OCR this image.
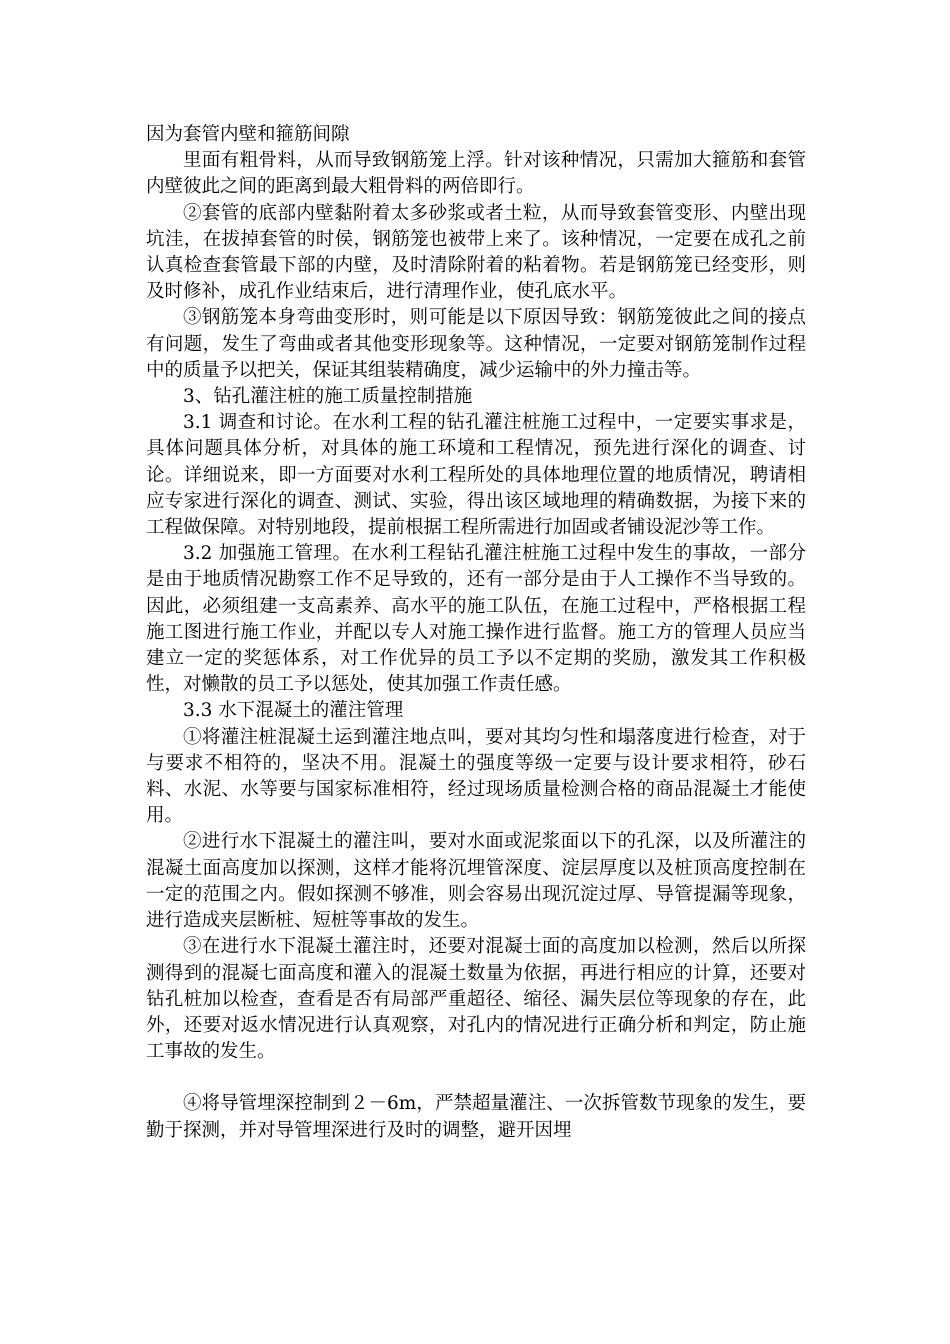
因为套管内壁和箍筋间隙

里面有粗骨料，从而导致钢筋笼上浮。针对该种情况，只需加大箍筋和套管内壁彼此之间的距离到最大粗骨料的两倍即行。

②套管的底部内壁黏附着太多砂浆或者土粒，从而导致套管变形、内壁出现坑洼，在拔掉套管的时侯，钢筋笼也被带上来了。该种情况，一定要在成孔之前认真检查套管最下部的内壁，及时清除附着的粘着物。若是钢筋笼已经变形，则及时修补，成孔作业结束后，进行清理作业，使孔底水平。

③钢筋笼本身弯曲变形时，则可能是以下原因导致：钢筋笼彼此之间的接点有问题，发生了弯曲或者其他变形现象等。这种情况，一定要对钢筋笼制作过程中的质量予以把关，保证其组装精确度，减少运输中的外力撞击等。

3、钻孔灌注桩的施工质量控制措施

3.1 调查和讨论。在水利工程的钻孔灌注桩施工过程中，一定要实事求是，具体问题具体分析，对具体的施工环境和工程情况，预先进行深化的调查、讨论。详细说来，即一方面要对水利工程所处的具体地理位置的地质情况，聘请相应专家进行深化的调查、测试、实验，得出该区域地理的精确数据，为接下来的工程做保障。对特别地段，提前根据工程所需进行加固或者铺设泥沙等工作。

3.2 加强施工管理。在水利工程钻孔灌注桩施工过程中发生的事故，一部分是由于地质情况勘察工作不足导致的，还有一部分是由于人工操作不当导致的。因此，必须组建一支高素养、高水平的施工队伍，在施工过程中，严格根据工程施工图进行施工作业，并配以专人对施工操作进行监督。施工方的管理人员应当建立一定的奖惩体系，对工作优异的员工予以不定期的奖励，激发其工作积极性，对懒散的员工予以惩处，使其加强工作责任感。

3.3 水下混凝土的灌注管理

①将灌注桩混凝土运到灌注地点叫，要对其均匀性和塌落度进行检查，对于与要求不相符的，坚决不用。混凝土的强度等级一定要与设计要求相符，砂石料、水泥、水等要与国家标准相符，经过现场质量检测合格的商品混凝土才能使用。

②进行水下混凝土的灌注叫，要对水面或泥浆面以下的孔深，以及所灌注的混凝土面高度加以探测，这样才能将沉埋管深度、淀层厚度以及桩顶高度控制在一定的范围之内。假如探测不够准，则会容易出现沉淀过厚、导管提漏等现象，进行造成夹层断桩、短桩等事故的发生。

③在进行水下混凝土灌注时，还要对混凝士面的高度加以检测，然后以所探测得到的混凝七面高度和灌入的混凝土数量为依据，再进行相应的计算，还要对钻孔桩加以检查，查看是否有局部严重超径、缩径、漏失层位等现象的存在，此外，还要对返水情况进行认真观察，对孔内的情况进行正确分析和判定，防止施工事故的发生。

④将导管埋深控制到２－6m，严禁超量灌注、一次拆管数节现象的发生，要勤于探测，并对导管埋深进行及时的调整，避开因埋
